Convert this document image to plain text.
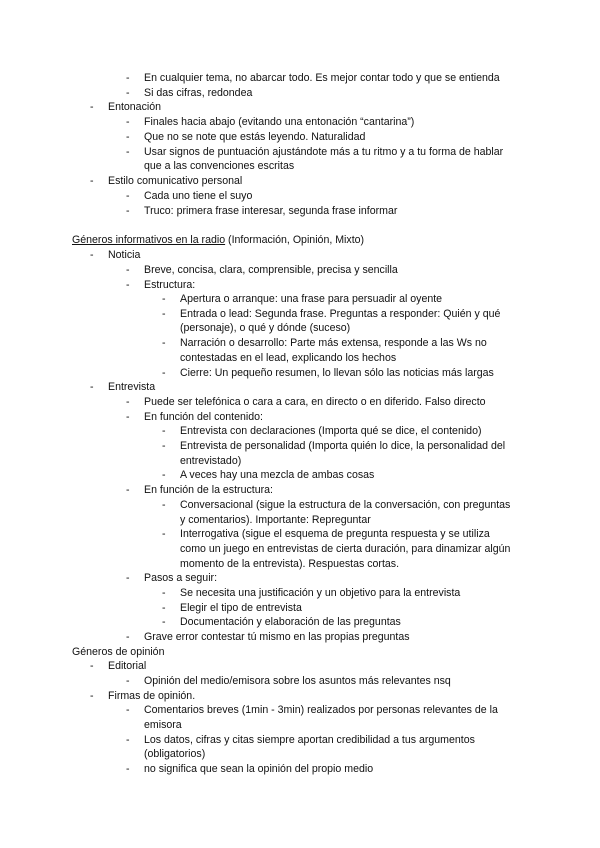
- En cualquier tema, no abarcar todo. Es mejor contar todo y que se entienda
- Si das cifras, redondea
- Entonación
- Finales hacia abajo (evitando una entonación “cantarina”)
- Que no se note que estás leyendo. Naturalidad
- Usar signos de puntuación ajustándote más a tu ritmo y a tu forma de hablar
que a las convenciones escritas
- Estilo comunicativo personal
- Cada uno tiene el suyo
- Truco: primera frase interesar, segunda frase informar
Géneros informativos en la radio (Información, Opinión, Mixto)
- Noticia
- Breve, concisa, clara, comprensible, precisa y sencilla
- Estructura:
- Apertura o arranque: una frase para persuadir al oyente
- Entrada o lead: Segunda frase. Preguntas a responder: Quién y qué
(personaje), o qué y dónde (suceso)
- Narración o desarrollo: Parte más extensa, responde a las Ws no
contestadas en el lead, explicando los hechos
- Cierre: Un pequeño resumen, lo llevan sólo las noticias más largas
- Entrevista
- Puede ser telefónica o cara a cara, en directo o en diferido. Falso directo
- En función del contenido:
- Entrevista con declaraciones (Importa qué se dice, el contenido)
- Entrevista de personalidad (Importa quién lo dice, la personalidad del
entrevistado)
- A veces hay una mezcla de ambas cosas
- En función de la estructura:
- Conversacional (sigue la estructura de la conversación, con preguntas
y comentarios). Importante: Repreguntar
- Interrogativa (sigue el esquema de pregunta respuesta y se utiliza
como un juego en entrevistas de cierta duración, para dinamizar algún
momento de la entrevista). Respuestas cortas.
- Pasos a seguir:
- Se necesita una justificación y un objetivo para la entrevista
- Elegir el tipo de entrevista
- Documentación y elaboración de las preguntas
- Grave error contestar tú mismo en las propias preguntas
Géneros de opinión
- Editorial
- Opinión del medio/emisora sobre los asuntos más relevantes nsq
- Firmas de opinión.
- Comentarios breves (1min - 3min) realizados por personas relevantes de la
emisora
- Los datos, cifras y citas siempre aportan credibilidad a tus argumentos
(obligatorios)
- no significa que sean la opinión del propio medio
